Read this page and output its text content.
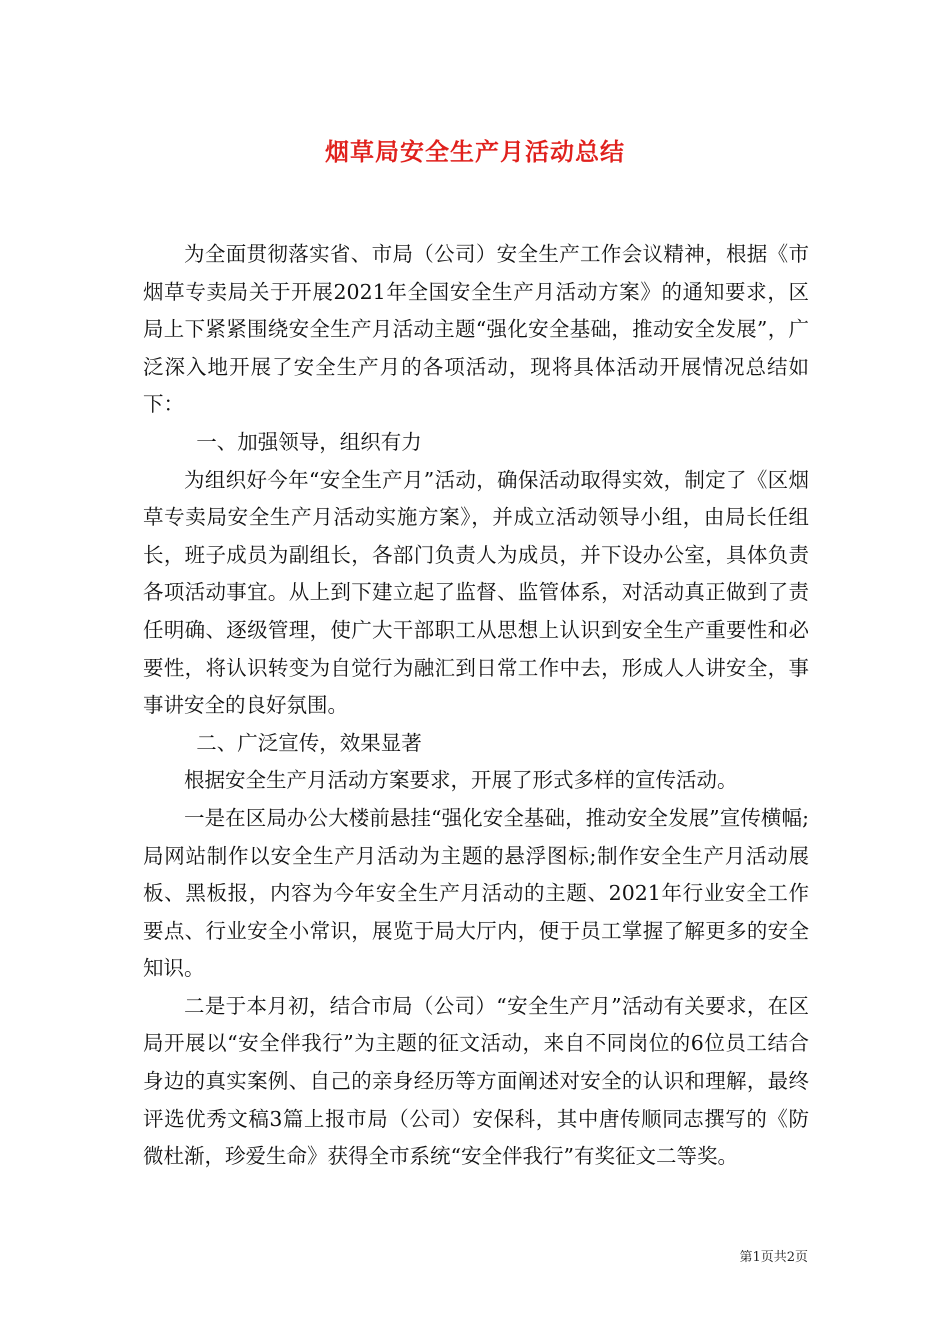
烟草局安全生产月活动总结

为全面贯彻落实省、市局（公司）安全生产工作会议精神，根据《市烟草专卖局关于开展2021年全国安全生产月活动方案》的通知要求，区局上下紧紧围绕安全生产月活动主题“强化安全基础，推动安全发展”，广泛深入地开展了安全生产月的各项活动，现将具体活动开展情况总结如下：

一、加强领导，组织有力

为组织好今年“安全生产月”活动，确保活动取得实效，制定了《区烟草专卖局安全生产月活动实施方案》，并成立活动领导小组，由局长任组长，班子成员为副组长，各部门负责人为成员，并下设办公室，具体负责各项活动事宜。从上到下建立起了监督、监管体系，对活动真正做到了责任明确、逐级管理，使广大干部职工从思想上认识到安全生产重要性和必要性，将认识转变为自觉行为融汇到日常工作中去，形成人人讲安全，事事讲安全的良好氛围。

二、广泛宣传，效果显著

根据安全生产月活动方案要求，开展了形式多样的宣传活动。

一是在区局办公大楼前悬挂“强化安全基础，推动安全发展”宣传横幅;局网站制作以安全生产月活动为主题的悬浮图标;制作安全生产月活动展板、黑板报，内容为今年安全生产月活动的主题、2021年行业安全工作要点、行业安全小常识，展览于局大厅内，便于员工掌握了解更多的安全知识。

二是于本月初，结合市局（公司）“安全生产月”活动有关要求，在区局开展以“安全伴我行”为主题的征文活动，来自不同岗位的6位员工结合身边的真实案例、自己的亲身经历等方面阐述对安全的认识和理解，最终评选优秀文稿3篇上报市局（公司）安保科，其中唐传顺同志撰写的《防微杜渐，珍爱生命》获得全市系统“安全伴我行”有奖征文二等奖。

第1页共2页
